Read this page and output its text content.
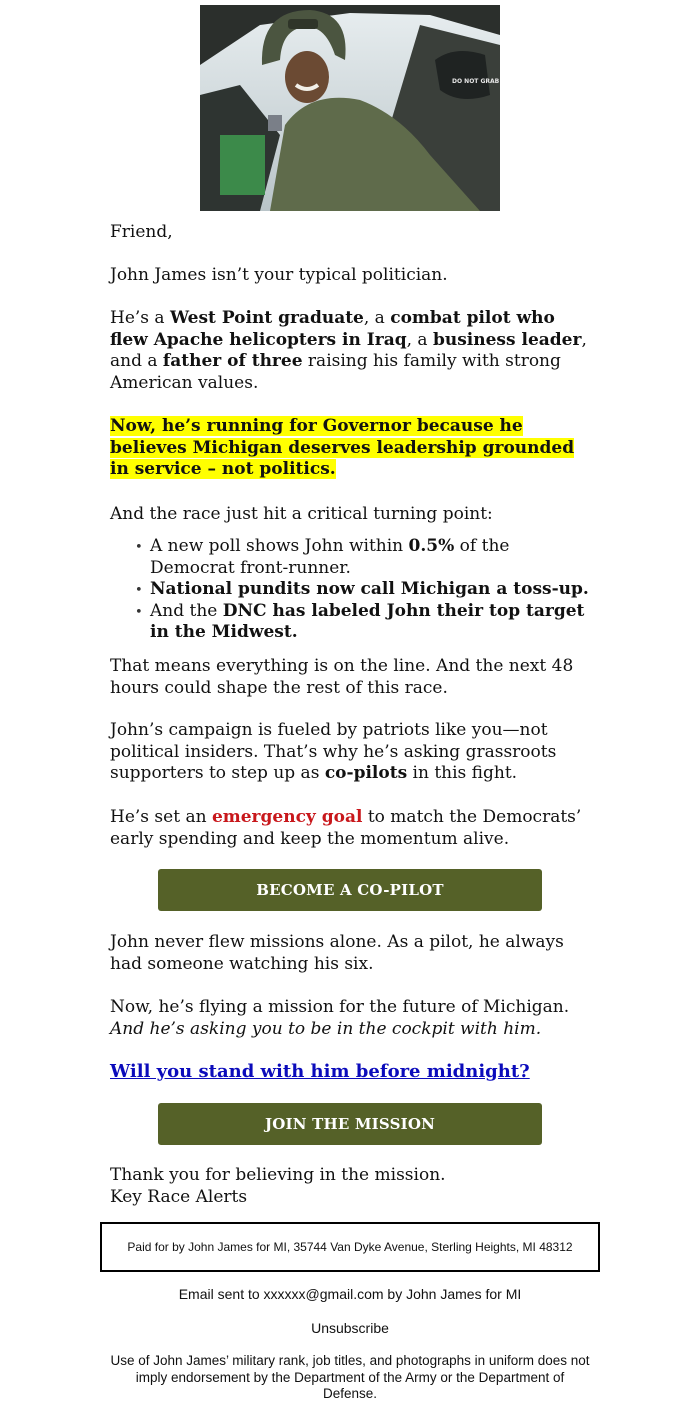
DO NOT GRAB
Friend,
John James isn’t your typical politician.
He’s a West Point graduate, a combat pilot who flew Apache helicopters in Iraq, a business leader, and a father of three raising his family with strong American values.
Now, he’s running for Governor because he believes Michigan deserves leadership grounded in service – not politics.
And the race just hit a critical turning point:
• A new poll shows John within 0.5% of the Democrat front-runner.
• National pundits now call Michigan a toss-up.
• And the DNC has labeled John their top target in the Midwest.
That means everything is on the line. And the next 48 hours could shape the rest of this race.
John’s campaign is fueled by patriots like you—not political insiders. That’s why he’s asking grassroots supporters to step up as co-pilots in this fight.
He’s set an emergency goal to match the Democrats’ early spending and keep the momentum alive.
BECOME A CO-PILOT
John never flew missions alone. As a pilot, he always had someone watching his six.
Now, he’s flying a mission for the future of Michigan. And he’s asking you to be in the cockpit with him.
Will you stand with him before midnight?
JOIN THE MISSION
Thank you for believing in the mission.
Key Race Alerts
Paid for by John James for MI, 35744 Van Dyke Avenue, Sterling Heights, MI 48312
Email sent to xxxxxx@gmail.com by John James for MI
Unsubscribe
Use of John James’ military rank, job titles, and photographs in uniform does not imply endorsement by the Department of the Army or the Department of Defense.
